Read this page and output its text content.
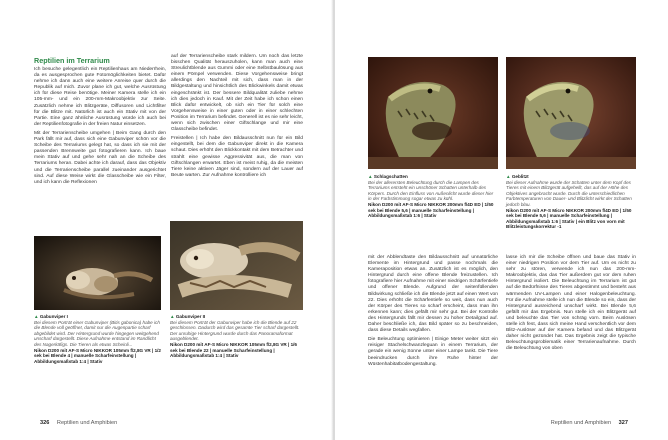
Reptilien im Terrarium

Ich besuche gelegentlich ein Reptilienhaus am Niederrhein, da es ausgesprochen gute Fotomöglichkeiten bietet. Dafür nehme ich dann auch eine weitere Anreise quer durch die Republik auf mich. Zuvor plane ich gut, welche Ausrüstung ich für diese Reise benötige. Meiner Kamera stelle ich ein 105-mm- und ein 200-mm-Makroobjektiv zur Seite. Zusätzlich nehme ich Blitzgeräte, Diffusoren und Lichtfilter für die Blitze mit. Natürlich ist auch ein Stativ mit von der Partie. Eine ganz ähnliche Ausrüstung würde ich auch bei der Reptilienfotografie in der freien Natur einsetzen.

Mit der Terrarienscheibe umgehen | Beim Gang durch den Park fällt mir auf, dass sich eine Gabunviper schön vor die Scheibe des Terrariums gelegt hat, so dass ich sie mit der passenden Brennweite gut fotografieren kann. Ich baue mein Stativ auf und gehe sehr nah an die Scheibe des Terrariums heran. Dabei achte ich darauf, dass das Objektiv und die Terrarienscheibe parallel zueinander ausgerichtet sind. Auf diese Weise wirkt die Glasscheibe wie ein Filter, und ich kann die Reflexionen

auf der Terrarienscheibe stark mildern. Um noch das letzte bisschen Qualität herauszuholen, kann man auch eine Streulichtblende aus Gummi oder eine Selbstbaulösung aus einem Pömpel verwenden. Diese Vorgehensweise bringt allerdings den Nachteil mit sich, dass man in der Bildgestaltung und hinsichtlich des Blickwinkels damit etwas eingeschränkt ist. Der bessere Bildqualität zuliebe nehme ich dies jedoch in Kauf. Mit der Zeit habe ich schon einen Blick dafür entwickelt, ob sich ein Tier für solch eine Vorgehensweise in einer guten oder in einer schlechten Position im Terrarium befindet. Generell ist es nie sehr leicht, wenn sich zwischen einer Giftschlange und mir eine Glasscheibe befindet.

Freistellen | Ich habe den Bildausschnitt nun für ein Bild eingestellt, bei dem die Gabunviper direkt in die Kamera schaut. Dies erhöht den Blickkontakt mit dem Betrachter und strahlt eine gewisse Aggressivität aus, die man von Giftschlangen erwartet. Eben ist meist ruhig, da die meisten Tiere keine aktiven Jäger sind, sondern auf der Lauer auf Beute warten. Zur Aufnahme kontrolliere ich

▲ Gabunviper I
Bei diesem Porträt einer Gabunviper (Bitis gabonica) habe ich die Blende voll geöffnet, damit nur die Augenpartie scharf abgebildet wird. Der Hintergrund wurde hingegen weitgehend unscharf dargestellt. Diese Aufnahme entstand im Randlicht des Nagerkäfigs. Die Tieren als etwas Scheinli...
Nikon D200 mit AF-S Micro NIKKOR 105mm f/2,8G VR | 1/2 sek bei Blende 4 | manuelle Scharfeinstellung | Abbildungsmaßstab 1:4 | Stativ
▲ Gabunviper II
Bei diesem Porträt der Gabunviper habe ich die Blende auf 22 geschlossen. Dadurch wird das gesamte Tier scharf dargestellt. Der unruhige Hintergrund wurde durch das Panoramaformat ausgeblendet.
Nikon D200 mit AF-S Micro NIKKOR 105mm f/2,8G VR | 1/6 sek bei Blende 22 | manuelle Scharfeinstellung | Abbildungsmaßstab 1:4 | Stativ
326 Reptilien und Amphibien
▲ Schlagschatten
Bei der allerersten Beleuchtung durch die Lampen des Terrariums entsteht ein unschöner Schatten unterhalb des Körpers. Durch den Einfluss von Außenlicht wurde dieser hier in der Farbstimmung sogar etwas zu kühl.
Nikon D200 mit AF-S Micro NIKKOR 200mm f/4D ED | 1/50 sek bei Blende 5,6 | manuelle Scharfeinstellung | Abbildungsmaßstab 1:6 | Stativ
▲ Geblitzt
Bei dieser Aufnahme wurde der Schatten unter dem Kopf des Tieres mit einem Blitzgerät aufgehellt, das auf der Höhe des Objektives angebracht wurde. Durch die unterschiedlichen Farbtemperaturen von Dauer- und Blitzlicht wirkt der Schatten jedoch blau.
Nikon D200 mit AF-S Micro NIKKOR 200mm f/4D ED | 1/50 sek bei Blende 5,6 | manuelle Scharfeinstellung | Abbildungsmaßstab 1:6 | Stativ | ein Blitz von vorn mit Blitzleistungskorrektur -1

mit der Abblendtaste den Bildausschnitt auf unnatürliche Elemente im Hintergrund und passe nochmals die Kameraposition etwas an. Zusätzlich ist es möglich, den Hintergrund durch eine offene Blende freizustellen. Ich fotografiere hier Aufnahme mit einer niedrigen Schärfentiefe und offener Blende. Aufgrund der seitenfüllenden Bildwirkung schließe ich die Blende jetzt auf einen Wert von 22. Dies erhöht die Schärfentiefe so weit, dass nun auch der Körper des Tieres so scharf erscheint, dass man ihn erkennen kann; dies gefällt mir sehr gut. Bei der Kontrolle des Hintergrunds fällt mir dessen zu hoher Detailgrad auf. Daher beschließe ich, das Bild später so zu beschneiden, dass diese Details wegfallen.

Die Beleuchtung optimieren | Einige Meter weiter sitzt ein reisiger Stachelschwanzleguan in einem Terrarium, der gerade ein wenig Sonne unter einer Lampe tankt. Die Tiere beeindrucken durch ihre Ruhe hinter der Wüstenhabitatbodengestaltung.

lasse ich mir die Scheibe öffnen und baue das Stativ in einer niedrigen Position vor dem Tier auf. Um es nicht zu sehr zu stören, verwende ich nun das 200-mm-Makroobjektiv, das das Tier außerdem gut vor dem ruhen Hintergrund isoliert. Die Beleuchtung im Terrarium ist gut auf die Bedürfnisse des Tieres abgestimmt und besteht aus wärmenden UV-Lampen und einer Halogenbeleuchtung. Für die Aufnahme stelle ich nun die Blende so ein, dass der Hintergrund ausreichend unscharf wirkt. Bei Blende 5,6 gefällt mir das Ergebnis. Nun stelle ich ein Blitzgerät auf und beleuchte das Tier von schräg vorn. Beim Auslösen stelle ich fest, dass sich meine Hand verschentlich vor dem Blitz-Auslöser auf der Kamera befand und das Blitzgerät daher nicht gezündet hat. Das Ergebnis zeigt die typische Beleuchtungsproblematik einer Terrarienaufnahme. Durch die Beleuchtung von oben

Reptilien und Amphibien 327
